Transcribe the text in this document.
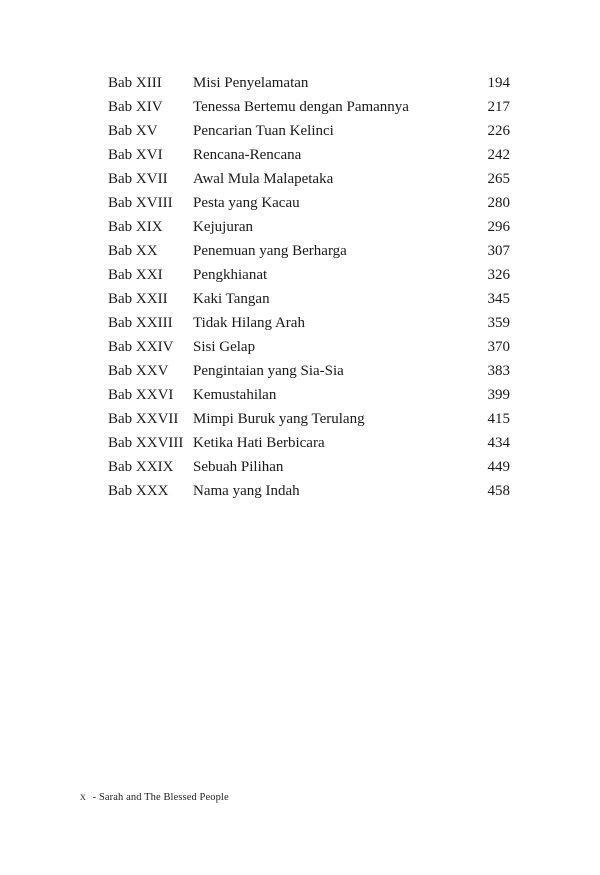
Bab XIII Misi Penyelamatan	194
Bab XIV Tenessa Bertemu dengan Pamannya	217
Bab XV Pencarian Tuan Kelinci	226
Bab XVI Rencana-Rencana	242
Bab XVII Awal Mula Malapetaka	265
Bab XVIII Pesta yang Kacau	280
Bab XIX Kejujuran	296
Bab XX Penemuan yang Berharga	307
Bab XXI Pengkhianat	326
Bab XXII Kaki Tangan	345
Bab XXIII Tidak Hilang Arah	359
Bab XXIV Sisi Gelap	370
Bab XXV Pengintaian yang Sia-Sia	383
Bab XXVI Kemustahilan	399
Bab XXVII Mimpi Buruk yang Terulang	415
Bab XXVIII Ketika Hati Berbicara	434
Bab XXIX Sebuah Pilihan	449
Bab XXX Nama yang Indah	458
x - Sarah and The Blessed People
